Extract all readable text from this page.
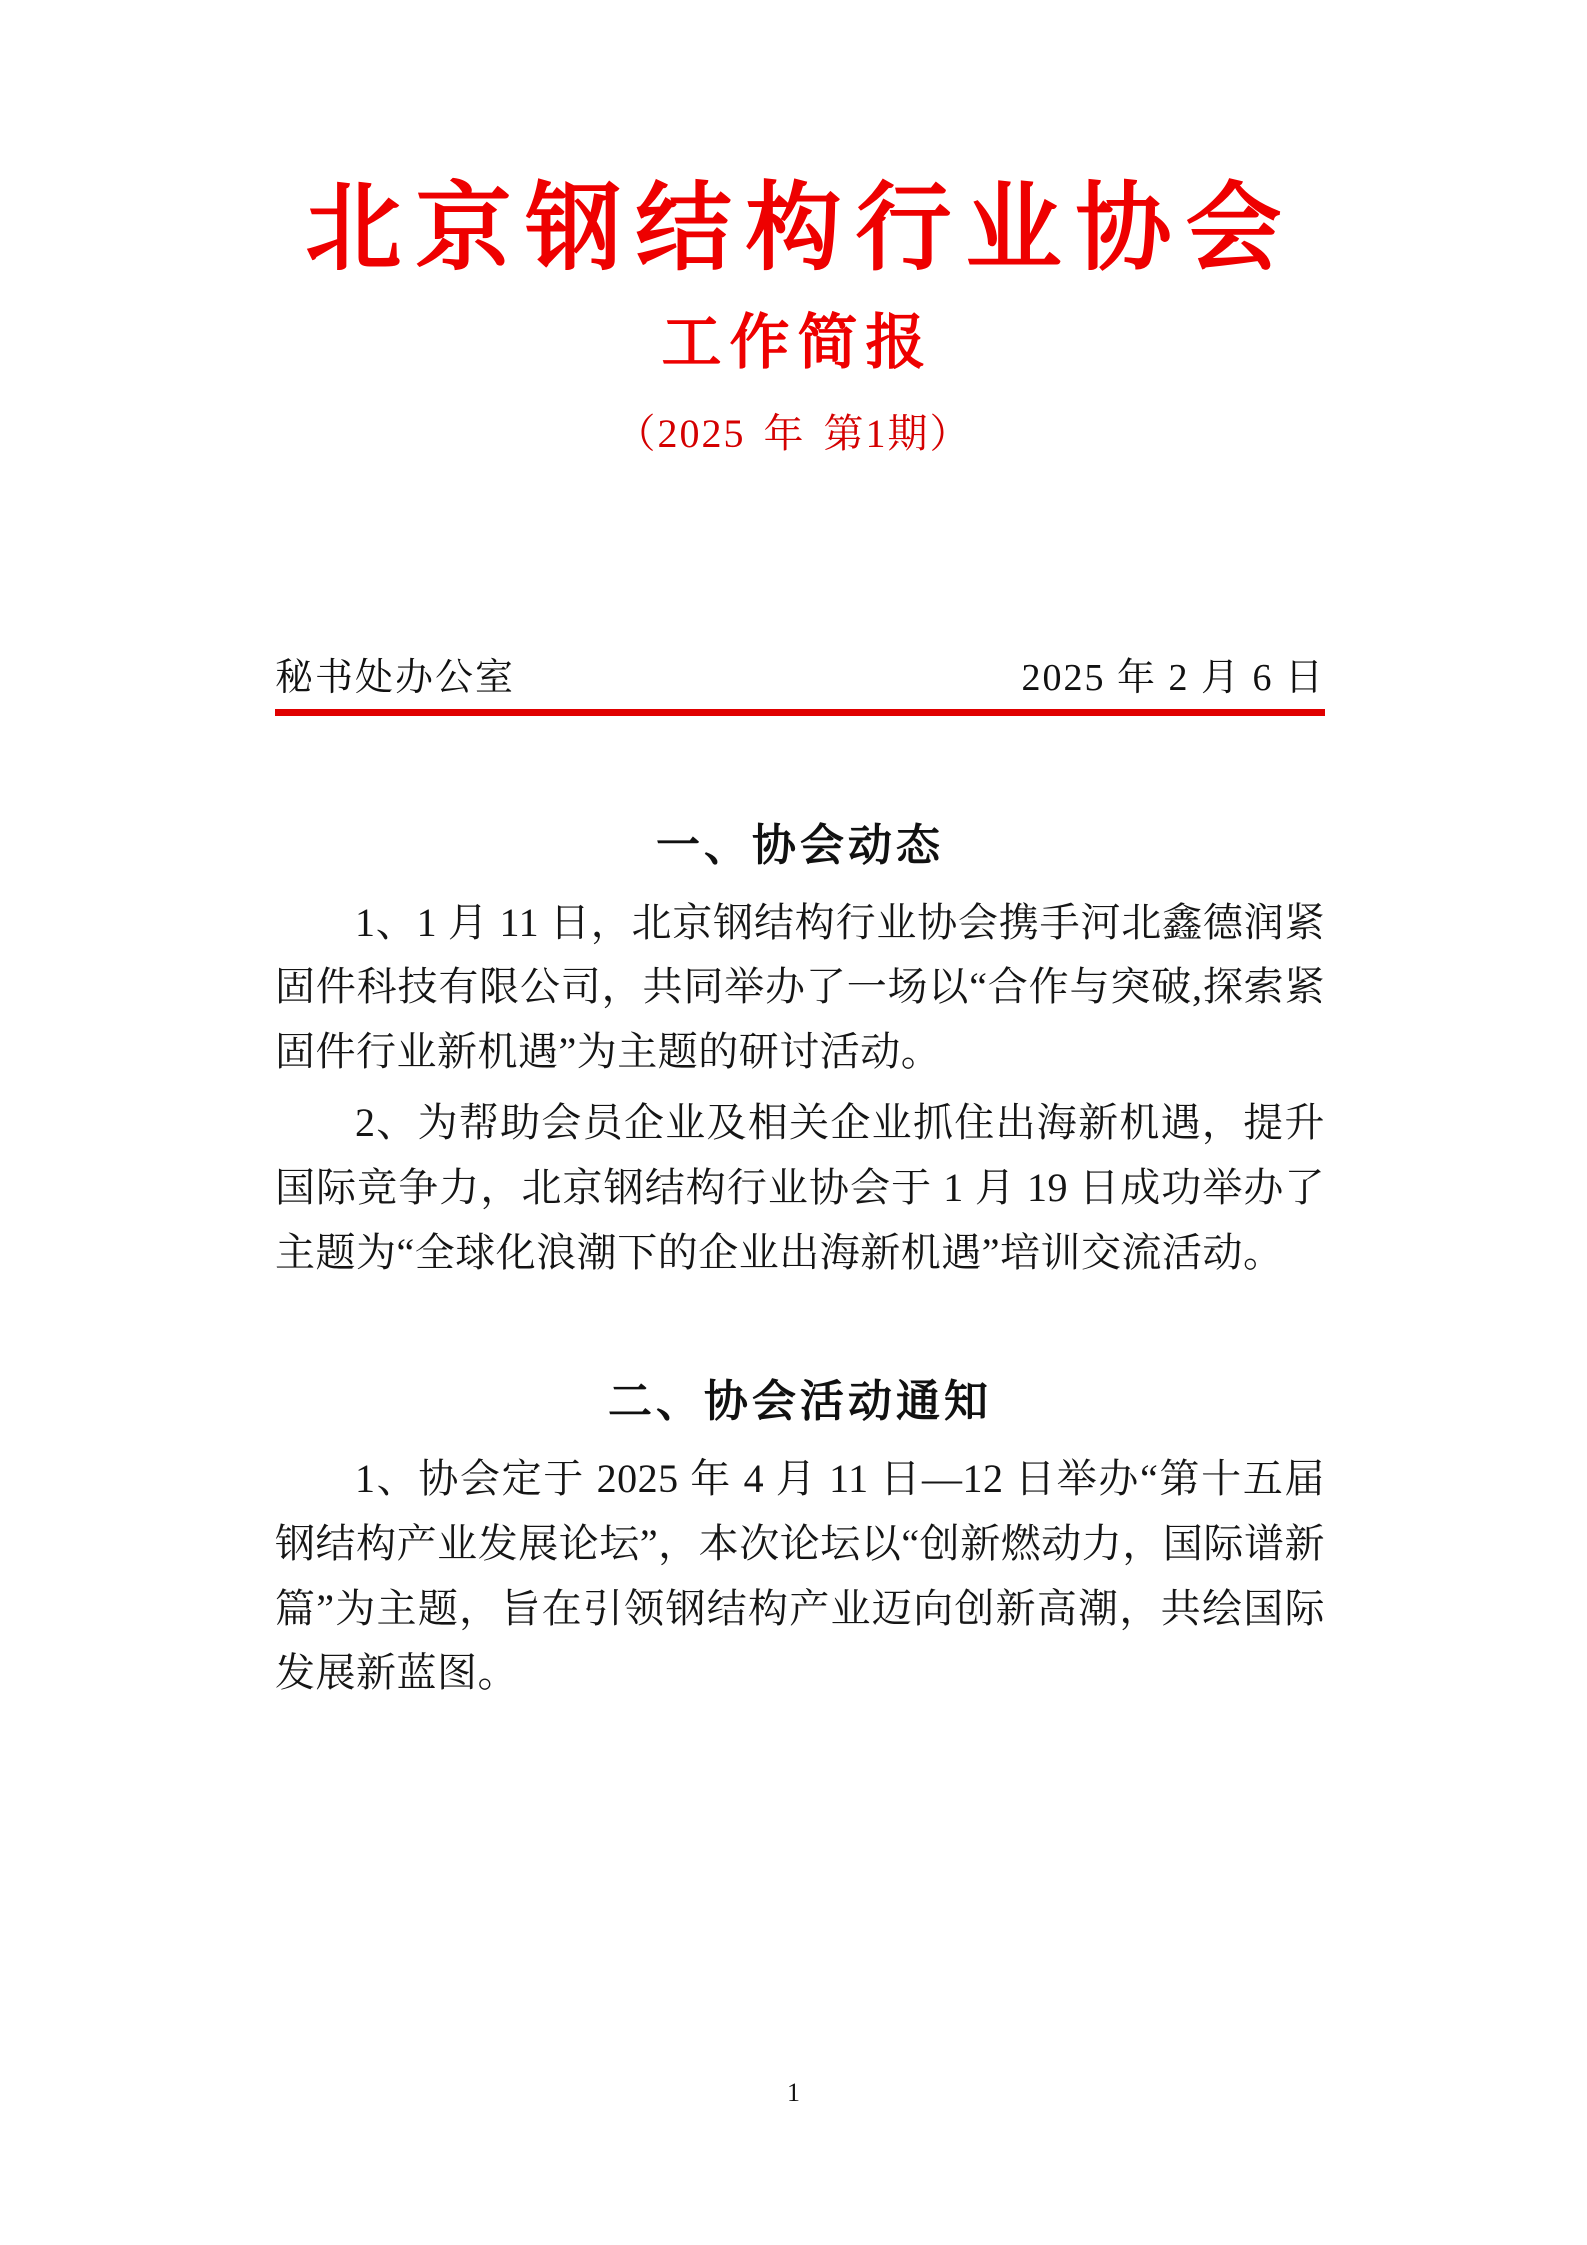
北京钢结构行业协会
工作简报
（2025 年 第1期）
秘书处办公室	2025 年 2 月 6 日
一、协会动态

1、1 月 11 日，北京钢结构行业协会携手河北鑫德润紧固件科技有限公司，共同举办了一场以“合作与突破,探索紧固件行业新机遇”为主题的研讨活动。

2、为帮助会员企业及相关企业抓住出海新机遇，提升国际竞争力，北京钢结构行业协会于 1 月 19 日成功举办了主题为“全球化浪潮下的企业出海新机遇”培训交流活动。

二、协会活动通知

1、协会定于 2025 年 4 月 11 日—12 日举办“第十五届钢结构产业发展论坛”，本次论坛以“创新燃动力，国际谱新篇”为主题，旨在引领钢结构产业迈向创新高潮，共绘国际发展新蓝图。

1
